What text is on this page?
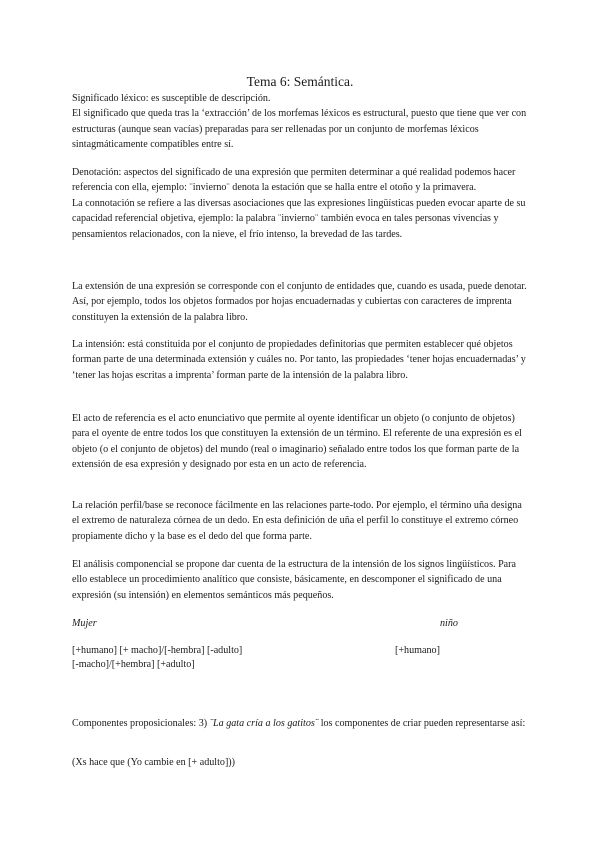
Tema 6: Semántica.

Significado léxico: es susceptible de descripción.

El significado que queda tras la ‘extracción’ de los morfemas léxicos es estructural, puesto que tiene que ver con estructuras (aunque sean vacías) preparadas para ser rellenadas por un conjunto de morfemas léxicos sintagmáticamente compatibles entre sí.

Denotación: aspectos del significado de una expresión que permiten determinar a qué realidad podemos hacer referencia con ella, ejemplo: ¨invierno¨ denota la estación que se halla entre el otoño y la primavera.

La connotación se refiere a las diversas asociaciones que las expresiones lingüísticas pueden evocar aparte de su capacidad referencial objetiva, ejemplo: la palabra ¨invierno¨ también evoca en tales personas vivencias y pensamientos relacionados, con la nieve, el frío intenso, la brevedad de las tardes.

La extensión de una expresión se corresponde con el conjunto de entidades que, cuando es usada, puede denotar. Así, por ejemplo, todos los objetos formados por hojas encuadernadas y cubiertas con caracteres de imprenta constituyen la extensión de la palabra libro.

La intensión: está constituida por el conjunto de propiedades definitorias que permiten establecer qué objetos forman parte de una determinada extensión y cuáles no. Por tanto, las propiedades ‘tener hojas encuadernadas’ y ‘tener las hojas escritas a imprenta’ forman parte de la intensión de la palabra libro.

El acto de referencia es el acto enunciativo que permite al oyente identificar un objeto (o conjunto de objetos) para el oyente de entre todos los que constituyen la extensión de un término. El referente de una expresión es el objeto (o el conjunto de objetos) del mundo (real o imaginario) señalado entre todos los que forman parte de la extensión de esa expresión y designado por esta en un acto de referencia.

La relación perfil/base se reconoce fácilmente en las relaciones parte-todo. Por ejemplo, el término uña designa el extremo de naturaleza córnea de un dedo. En esta definición de uña el perfil lo constituye el extremo córneo propiamente dicho y la base es el dedo del que forma parte.

El análisis componencial se propone dar cuenta de la estructura de la intensión de los signos lingüísticos. Para ello establece un procedimiento analítico que consiste, básicamente, en descomponer el significado de una expresión (su intensión) en elementos semánticos más pequeños.

Mujer	niño
[+humano] [+ macho]/[-hembra] [-adulto]	[+humano]
[-macho]/[+hembra] [+adulto]

Componentes proposicionales: 3) ¨La gata cría a los gatitos¨ los componentes de criar pueden representarse así:

(Xs hace que (Yo cambie en [+ adulto]))
